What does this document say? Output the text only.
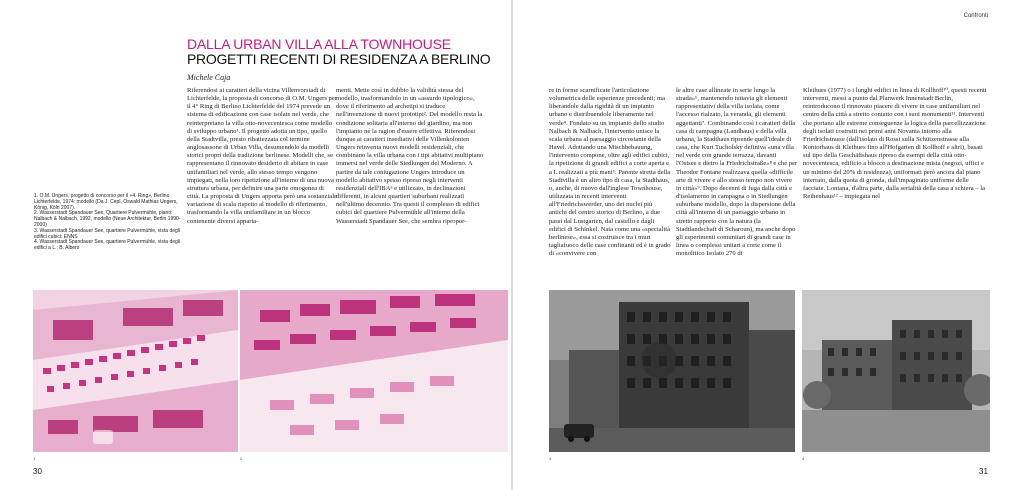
Confronti
DALLA URBAN VILLA ALLA TOWNHOUSE
PROGETTI RECENTI DI RESIDENZA A BERLINO
Michele Caja

1. O.M. Ungers, progetto di concorso per il «4. Ring», Berlino Lichterfelde, 1974: modello (Da J. Cepl, Oswald Mathias Ungers, König, Köln 2007).

2. Wasserstadt Spandauer See, Quartiere Pulvermühle, piano: Nalbach & Nalbach, 1992, modello (Neue Architektur, Berlin 1990-2000)

3. Wasserstadt Spandauer See, quartiere Pulvermühle, vista degli edifici cubici: ENNS

4. Wasserstadt Spandauer See, quartiere Pulvermühle, vista degli edifici a L.: B. Albers

Riferendosi ai caratteri della vicina Villenvorstadt di Lichterfelde, la proposta di concorso di O.M. Ungers per il 4° Ring di Berlino Lichterfelde del 1974 prevede un sistema di edificazione con case isolate nel verde, che reinterpretano la villa otto-novecentesca come modello di sviluppo urbano¹. Il progetto adotta un tipo, quello della Stadtvilla, presto ribattezzata col termine anglosassone di Urban Villa, desumendolo da modelli storici propri della tradizione berlinese. Modelli che, se rappresentano il rinnovato desiderio di abitare in case unifamiliari nel verde, allo stesso tempo vengono impiegati, nella loro ripetizione all'interno di una nuova struttura urbana, per definire una parte omogenea di città. La proposta di Ungers apporta però una sostanziale variazione di scala rispetto al modello di riferimento, trasformando la villa unifamiliare in un blocco contenente diversi apparta-

menti. Mette così in dubbio la validità stessa del modello, trasformandolo in un «assurdo tipologico», dove il riferimento ad archetipi si traduce nell'invenzione di nuovi prototipi². Del modello resta la condizione solitaria all'interno del giardino, ma non l'impianto né la ragion d'essere effettiva. Riferendosi dunque ai caratteri insediativi delle Villenkolonien Ungers reinventa nuovi modelli residenziali, che combinano la villa urbana con i tipi abitativi multipiano immersi nel verde delle Siedlungen del Moderno. A partire da tale coniugazione Ungers introduce un modello abitativo spesso ripreso negli interventi residenziali dell'IBA³ e utilizzato, in declinazioni differenti, in alcuni quartieri suburbani realizzati nell'ultimo decennio. Tra questi il complesso di edifici cubici del quartiere Pulvermühle all'interno della Wasserstadt Spandauer See, che sembra ripropor-

re in forme scarnificate l'articolazione volumetrica delle esperienze precedenti; ma liberandole dalla rigidità di un impianto urbano e distribuendole liberamente nel verde⁴. Fondato su un impianto dello studio Nalbach & Nalbach, l'intervento unisce la scala urbana al paesaggio circostante della Havel. Adottando una Mischbebauung, l'intervento compone, oltre agli edifici cubici, la ripetizione di grandi edifici a corte aperta e a L realizzati a più mani⁵. Parente stretta della Stadtvilla è un altro tipo di casa, la Stadthaus, o, anche, di nuovo dall'inglese Townhouse, utilizzata in recenti interventi all'Friedrichswerder, uno dei nuclei più antichi del centro storico di Berlino, a due passi dal Lustgarten, dal castello e dagli edifici di Schinkel. Nata come una «specialità berlinese», essa si costruisce tra i muri tagliafuoco delle case confinanti ed è in grado di «convivere con

le altre case allineate in serie lungo la strada»⁶, mantenendo tuttavia gli elementi rappresentativi della villa isolata, come l'accesso rialzato, la veranda, gli elementi aggettanti⁷. Combinando così i caratteri della casa di campagna (Landhaus) e della villa urbana, la Stadthaus riprende quell'ideale di casa, che Kurt Tucholsky definiva «una villa nel verde con grande terrazza, davanti l'Ostsee e dietro la Friedrichstraße»⁸ e che per Theodor Fontane realizzava quella «difficile arte di vivere e allo stesso tempo non vivere in città»⁹. Dopo decenni di fuga dalla città e d'isolamento in campagna o in Siedlungen suburbane modello, dopo la dispersione della città all'interno di un paesaggio urbano in stretto rapporto con la natura (la Stadtlandschaft di Scharoun), ma anche dopo gli esperimenti comunitari di grandi case in linea o complessi unitari a corte come il monolitico Isolato 270 di

Kleihues (1977) o i lunghi edifici in linea di Kollhoff¹⁰, questi recenti interventi, messi a punto dal Planwerk Innenstadt Berlin, reintroducono il rinnovato piacere di vivere in case unifamiliari nel centro della città a stretto contatto con i suoi monumenti¹¹. Interventi che portano alle estreme conseguenze la logica della parcellizzazione degli isolati costruiti nei primi anni Novanta intorno alla Friedrichstrasse (dall'isolato di Rossi sulla Schützenstrasse alla Kontorhaus di Kleihues fino all'Hofgarten di Kollhoff e altri), basati sul tipo della Geschäftshaus ripreso da esempi della città otto-novecentesca, edificio a blocco a destinazione mista (negozi, uffici e un minimo del 20% di residenza), uniformati però ancora dal piano interrato, dalla quota di gronda, dall'impaginato uniforme delle facciate. Lontana, d'altra parte, dalla serialità della casa a schiera – la Reihenhaus¹² – impiegata nel

1	2	3	4
30	31
